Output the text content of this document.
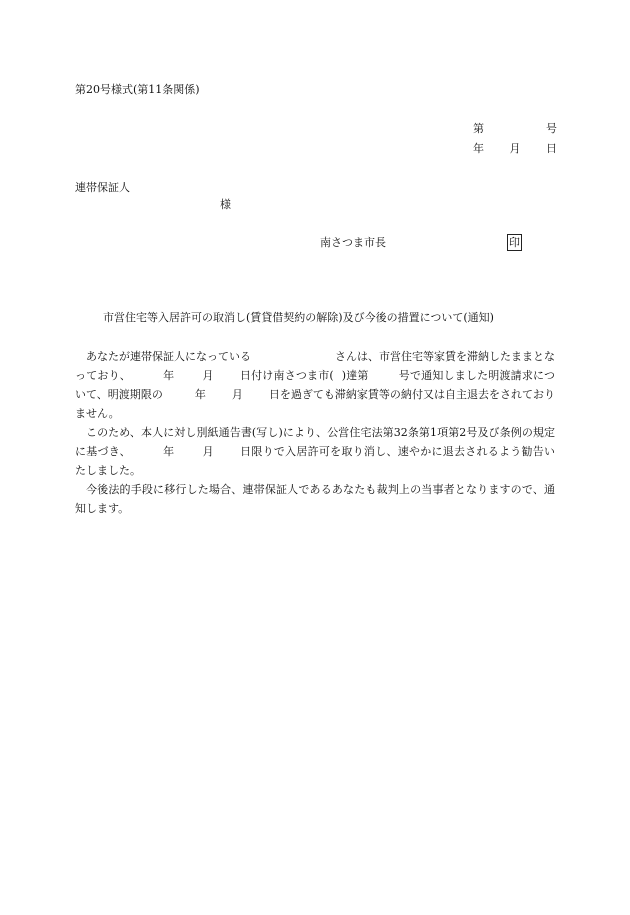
第20号様式(第11条関係)
第	号
年 月 日
連帯保証人
様
南さつま市長	印
市営住宅等入居許可の取消し(賃貸借契約の解除)及び今後の措置について(通知)

あなたが連帯保証人になっている	さんは、市営住宅等家賃を滞納したままとなっており、	年	月 日付け南さつま市( )達第	号で通知しました明渡請求について、明渡期限の	年 月 日を過ぎても滞納家賃等の納付又は自主退去をされておりません。

このため、本人に対し別紙通告書(写し)により、公営住宅法第32条第1項第2号及び条例の規定に基づき、	年	月 日限りで入居許可を取り消し、速やかに退去されるよう勧告いたしました。

今後法的手段に移行した場合、連帯保証人であるあなたも裁判上の当事者となりますので、通知します。
